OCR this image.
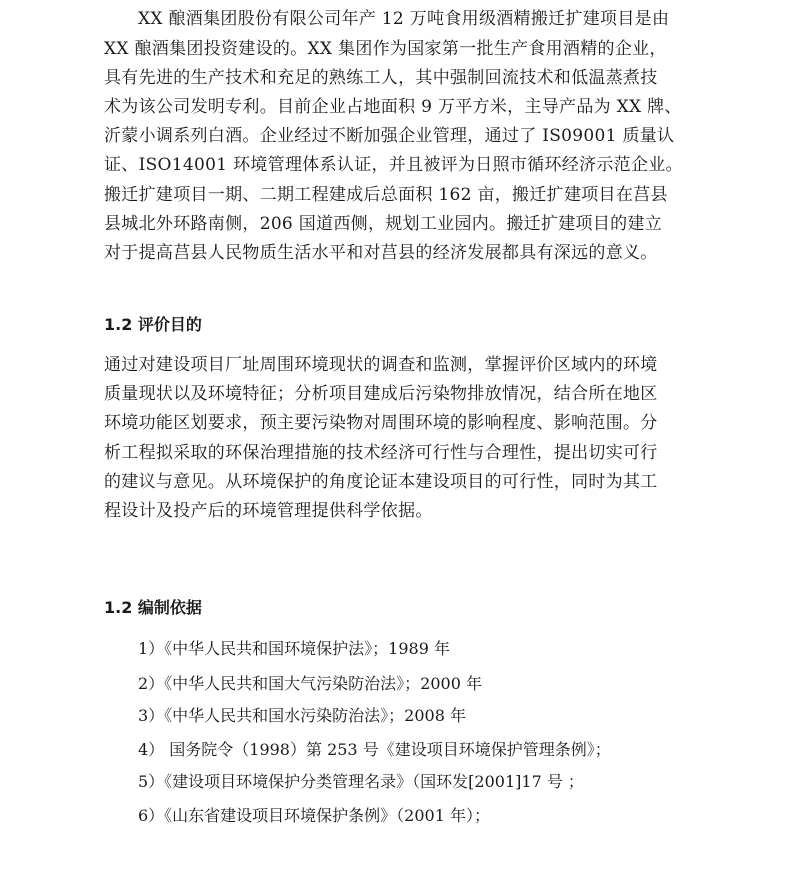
XX 酿酒集团股份有限公司年产 12 万吨食用级酒精搬迁扩建项目是由
XX 酿酒集团投资建设的。XX 集团作为国家第一批生产食用酒精的企业，
具有先进的生产技术和充足的熟练工人，其中强制回流技术和低温蒸煮技
术为该公司发明专利。目前企业占地面积 9 万平方米，主导产品为 XX 牌、
沂蒙小调系列白酒。企业经过不断加强企业管理，通过了 IS09001 质量认
证、ISO14001 环境管理体系认证，并且被评为日照市循环经济示范企业。
搬迁扩建项目一期、二期工程建成后总面积 162 亩，搬迁扩建项目在莒县
县城北外环路南侧，206 国道西侧，规划工业园内。搬迁扩建项目的建立
对于提高莒县人民物质生活水平和对莒县的经济发展都具有深远的意义。
1.2 评价目的
通过对建设项目厂址周围环境现状的调查和监测，掌握评价区域内的环境
质量现状以及环境特征；分析项目建成后污染物排放情况，结合所在地区
环境功能区划要求，预主要污染物对周围环境的影响程度、影响范围。分
析工程拟采取的环保治理措施的技术经济可行性与合理性，提出切实可行
的建议与意见。从环境保护的角度论证本建设项目的可行性，同时为其工
程设计及投产后的环境管理提供科学依据。
1.2 编制依据
1）《中华人民共和国环境保护法》；1989 年
2）《中华人民共和国大气污染防治法》；2000 年
3）《中华人民共和国水污染防治法》；2008 年
4） 国务院令（1998）第 253 号《建设项目环境保护管理条例》；
5）《建设项目环境保护分类管理名录》（国环发[2001]17 号 ；
6）《山东省建设项目环境保护条例》（2001 年）；
